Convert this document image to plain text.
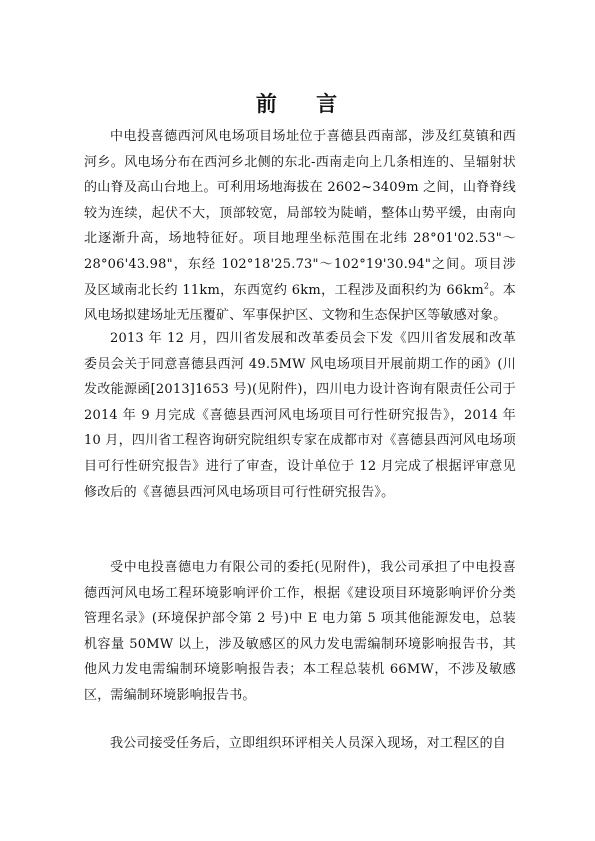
前    言

中电投喜德西河风电场项目场址位于喜德县西南部，涉及红莫镇和西河乡。风电场分布在西河乡北侧的东北-西南走向上几条相连的、呈辐射状的山脊及高山台地上。可利用场地海拔在 2602~3409m 之间，山脊脊线较为连续，起伏不大，顶部较宽，局部较为陡峭，整体山势平缓，由南向北逐渐升高，场地特征好。项目地理坐标范围在北纬 28°01'02.53"～28°06'43.98"，东经 102°18'25.73"～102°19'30.94"之间。项目涉及区域南北长约 11km，东西宽约 6km，工程涉及面积约为 $66km^2$。本风电场拟建场址无压覆矿、军事保护区、文物和生态保护区等敏感对象。

2013 年 12 月，四川省发展和改革委员会下发《四川省发展和改革委员会关于同意喜德县西河 49.5MW 风电场项目开展前期工作的函》(川发改能源函[2013]1653 号)(见附件)，四川电力设计咨询有限责任公司于 2014 年 9 月完成《喜德县西河风电场项目可行性研究报告》，2014 年 10 月，四川省工程咨询研究院组织专家在成都市对《喜德县西河风电场项目可行性研究报告》进行了审查，设计单位于 12 月完成了根据评审意见修改后的《喜德县西河风电场项目可行性研究报告》。

受中电投喜德电力有限公司的委托(见附件)，我公司承担了中电投喜德西河风电场工程环境影响评价工作，根据《建设项目环境影响评价分类管理名录》(环境保护部令第 2 号)中 E 电力第 5 项其他能源发电，总装机容量 50MW 以上，涉及敏感区的风力发电需编制环境影响报告书，其他风力发电需编制环境影响报告表；本工程总装机 66MW，不涉及敏感区，需编制环境影响报告书。

我公司接受任务后，立即组织环评相关人员深入现场，对工程区的自
